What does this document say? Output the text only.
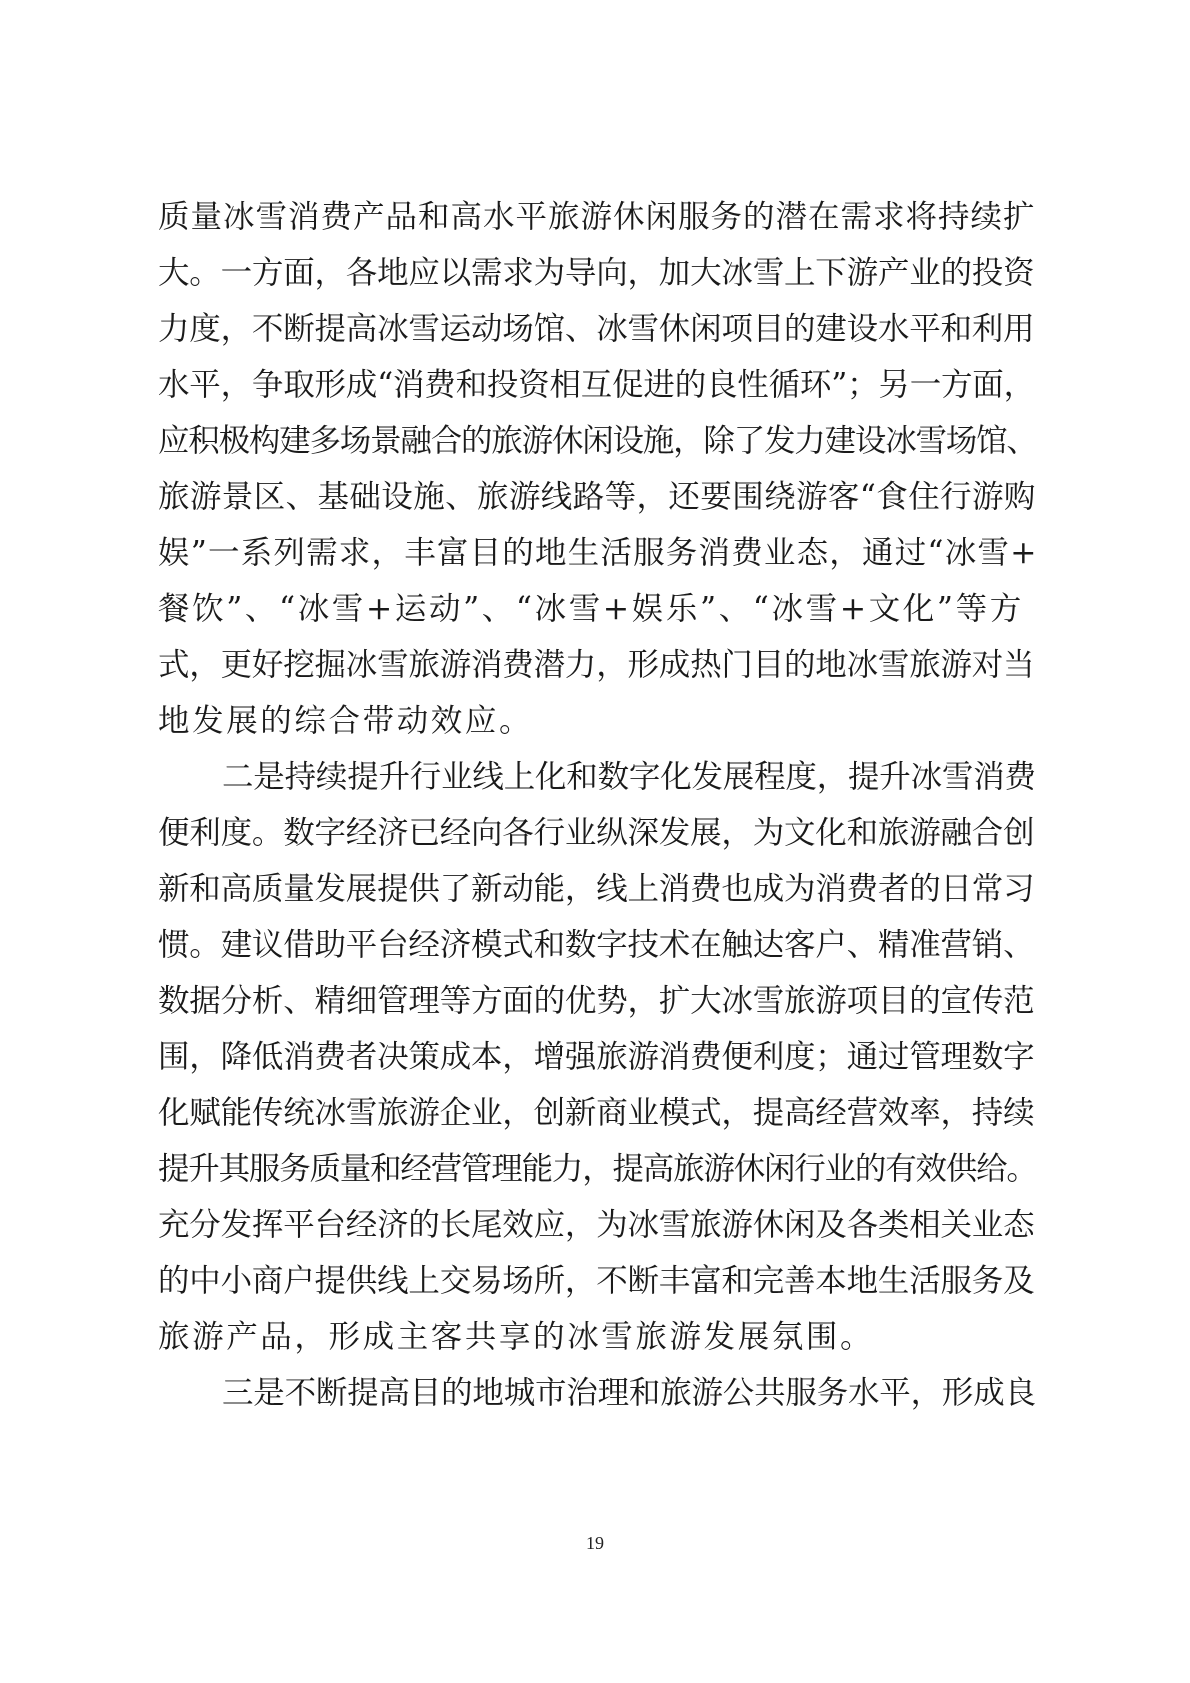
质量冰雪消费产品和高水平旅游休闲服务的潜在需求将持续扩

大。一方面，各地应以需求为导向，加大冰雪上下游产业的投资

力度，不断提高冰雪运动场馆、冰雪休闲项目的建设水平和利用

水平，争取形成“消费和投资相互促进的良性循环”；另一方面，

应积极构建多场景融合的旅游休闲设施，除了发力建设冰雪场馆、

旅游景区、基础设施、旅游线路等，还要围绕游客“食住行游购

娱”一系列需求，丰富目的地生活服务消费业态，通过“冰雪+

餐饮”、“冰雪+运动”、“冰雪+娱乐”、“冰雪+文化”等方

式，更好挖掘冰雪旅游消费潜力，形成热门目的地冰雪旅游对当

地发展的综合带动效应。

二是持续提升行业线上化和数字化发展程度，提升冰雪消费

便利度。数字经济已经向各行业纵深发展，为文化和旅游融合创

新和高质量发展提供了新动能，线上消费也成为消费者的日常习

惯。建议借助平台经济模式和数字技术在触达客户、精准营销、

数据分析、精细管理等方面的优势，扩大冰雪旅游项目的宣传范

围，降低消费者决策成本，增强旅游消费便利度；通过管理数字

化赋能传统冰雪旅游企业，创新商业模式，提高经营效率，持续

提升其服务质量和经营管理能力，提高旅游休闲行业的有效供给。

充分发挥平台经济的长尾效应，为冰雪旅游休闲及各类相关业态

的中小商户提供线上交易场所，不断丰富和完善本地生活服务及

旅游产品，形成主客共享的冰雪旅游发展氛围。

三是不断提高目的地城市治理和旅游公共服务水平，形成良

19
